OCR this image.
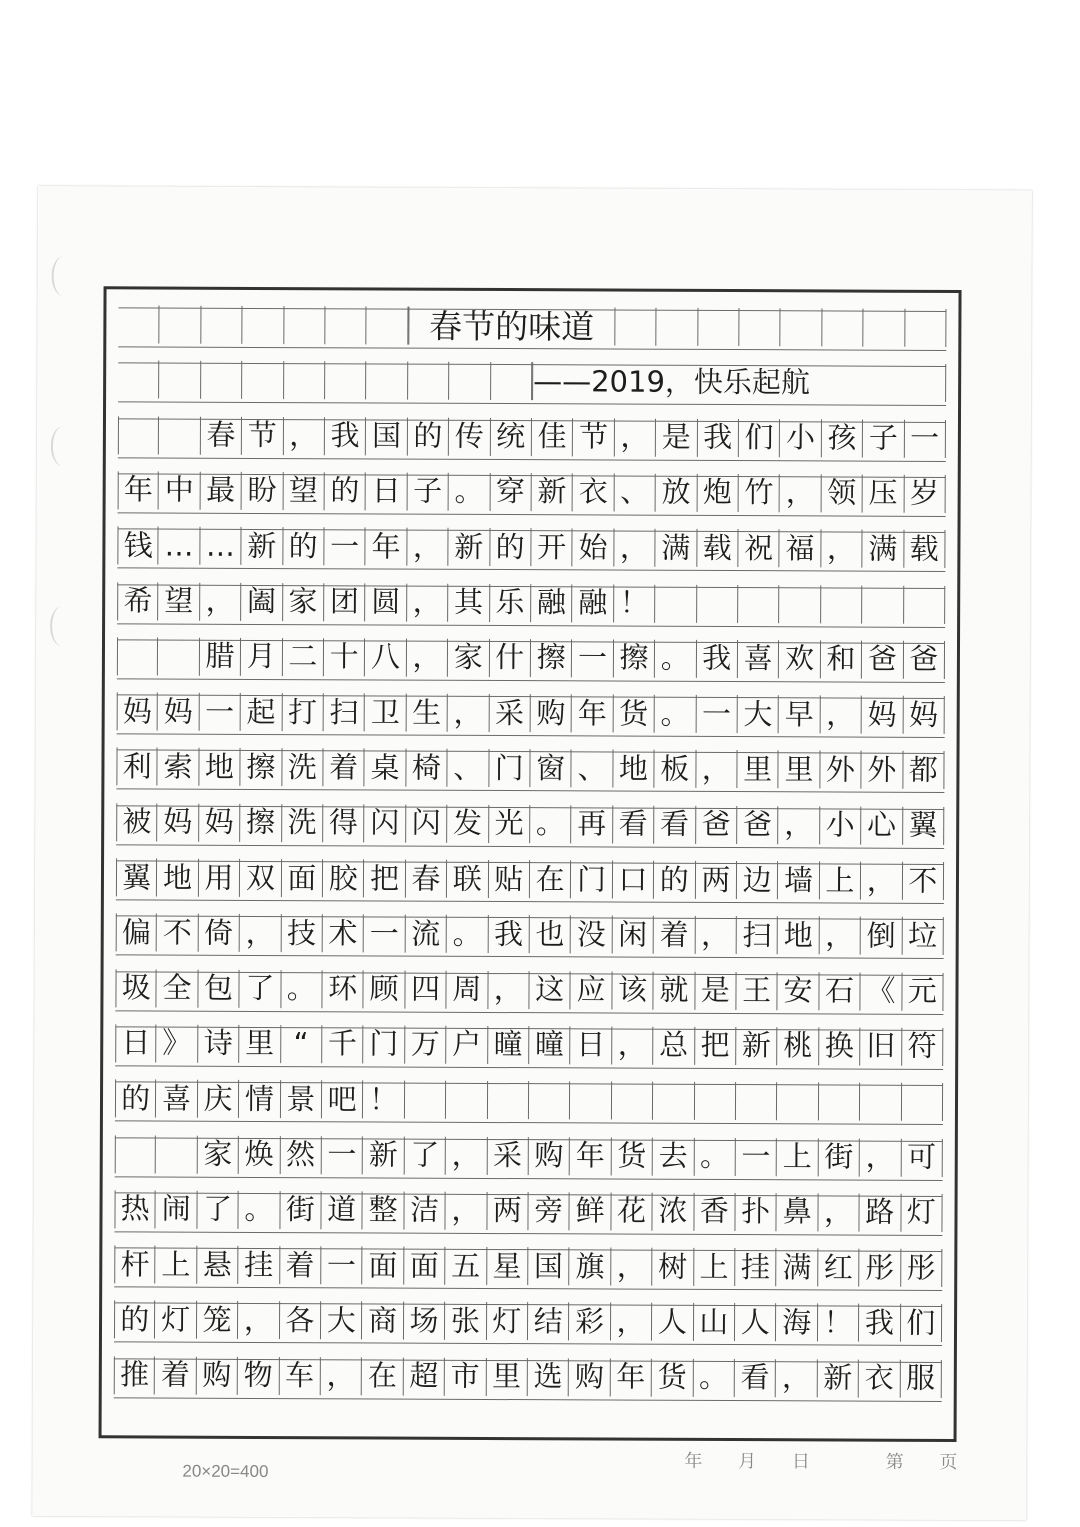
春节的味道
——2019，快乐起航
春 节 ， 我 国 的 传 统 佳 节 ， 是 我 们 小 孩 子 一
年 中 最 盼 望 的 日 子 。 穿 新 衣 、 放 炮 竹 ， 领 压 岁
钱 … … 新 的 一 年 ， 新 的 开 始 ， 满 载 祝 福 ， 满 载
希 望 ， 阖 家 团 圆 ， 其 乐 融 融 ！
腊 月 二 十 八 ， 家 什 擦 一 擦 。 我 喜 欢 和 爸 爸
妈 妈 一 起 打 扫 卫 生 ， 采 购 年 货 。 一 大 早 ， 妈 妈
利 索 地 擦 洗 着 桌 椅 、 门 窗 、 地 板 ， 里 里 外 外 都
被 妈 妈 擦 洗 得 闪 闪 发 光 。 再 看 看 爸 爸 ， 小 心 翼
翼 地 用 双 面 胶 把 春 联 贴 在 门 口 的 两 边 墙 上 ， 不
偏 不 倚 ， 技 术 一 流 。 我 也 没 闲 着 ， 扫 地 ， 倒 垃
圾 全 包 了 。 环 顾 四 周 ， 这 应 该 就 是 王 安 石 《 元
日 》 诗 里 “ 千 门 万 户 曈 曈 日 ， 总 把 新 桃 换 旧 符
的 喜 庆 情 景 吧 ！
家 焕 然 一 新 了 ， 采 购 年 货 去 。 一 上 街 ， 可
热 闹 了 。 街 道 整 洁 ， 两 旁 鲜 花 浓 香 扑 鼻 ， 路 灯
杆 上 悬 挂 着 一 面 面 五 星 国 旗 ， 树 上 挂 满 红 彤 彤
的 灯 笼 ， 各 大 商 场 张 灯 结 彩 ， 人 山 人 海 ！ 我 们
推 着 购 物 车 ， 在 超 市 里 选 购 年 货 。 看 ， 新 衣 服
20×20=400	年 月 日	第 页
